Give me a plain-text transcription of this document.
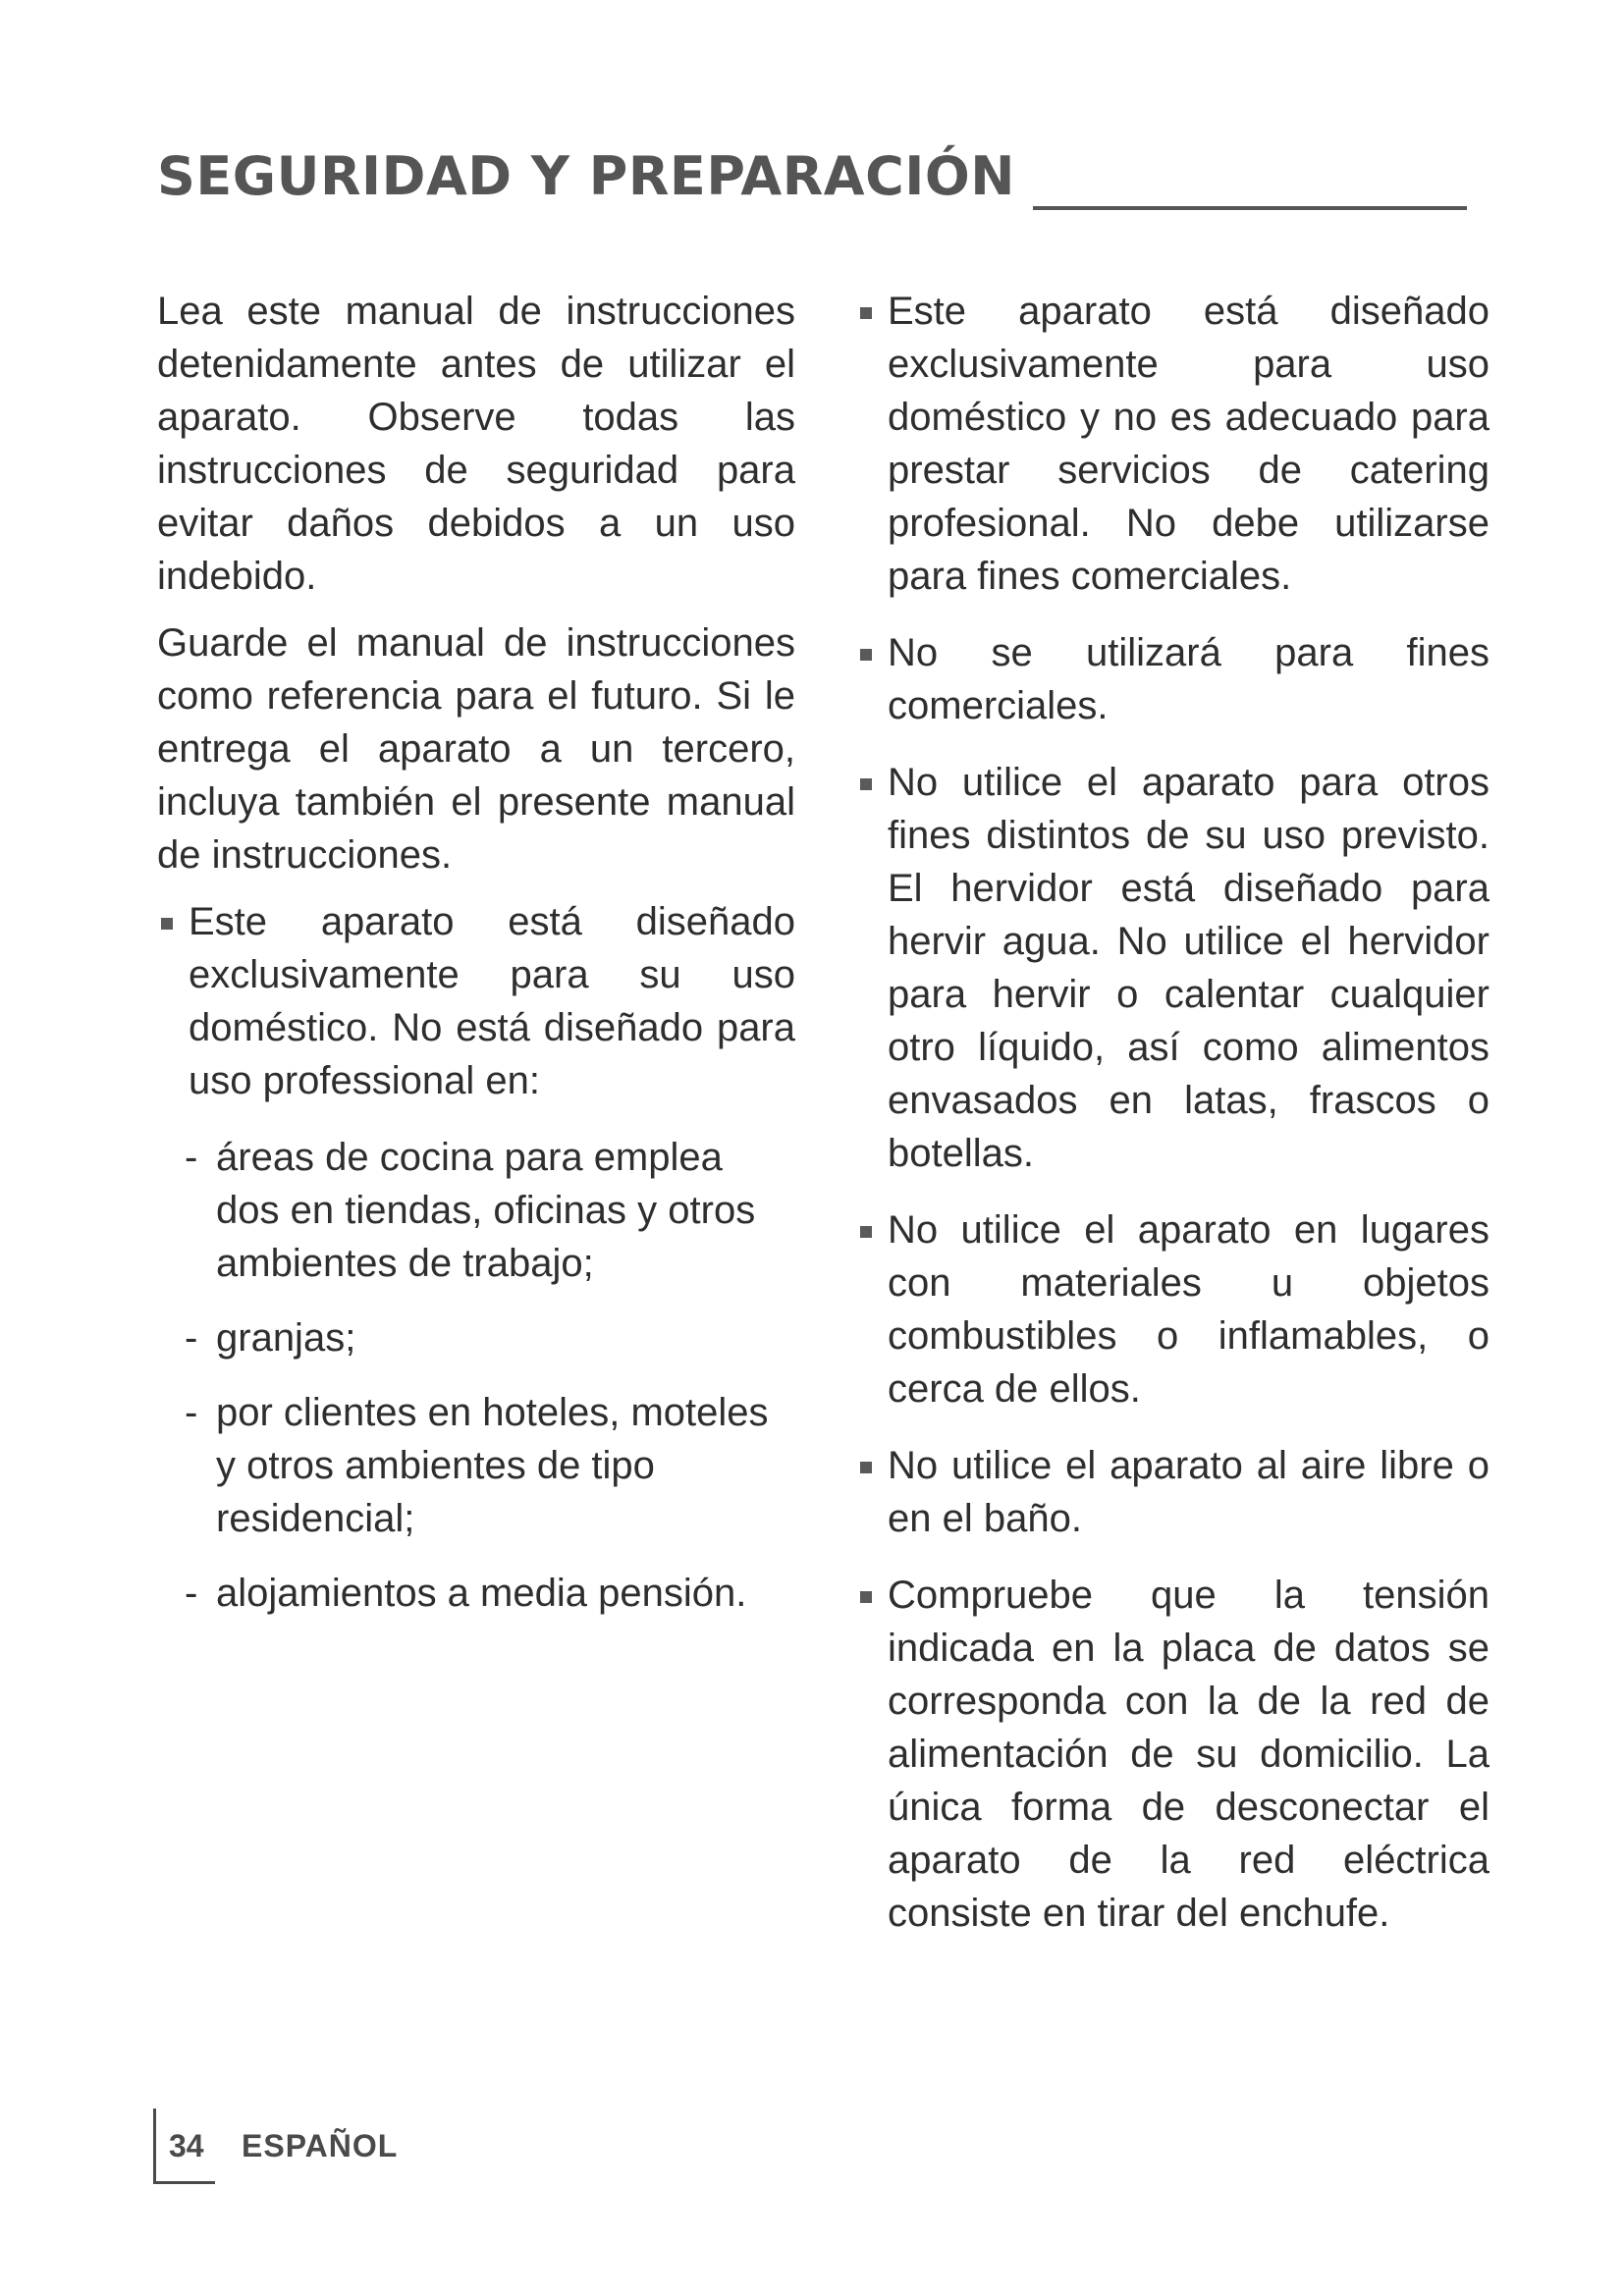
SEGURIDAD Y PREPARACIÓN

Lea este manual de instrucciones detenidamente antes de utilizar el aparato. Observe todas las instrucciones de seguridad para evitar daños debidos a un uso indebido.

Guarde el manual de instrucciones como referencia para el futuro. Si le entrega el aparato a un tercero, incluya también el presente manual de instrucciones.

Este aparato está diseñado exclusivamente para su uso doméstico. No está diseñado para uso professional en:
- áreas de cocina para emplea dos en tiendas, oficinas y otros ambientes de trabajo;
- granjas;
- por clientes en hoteles, moteles y otros ambientes de tipo residencial;
- alojamientos a media pensión.
Este aparato está diseñado exclusivamente para uso doméstico y no es adecuado para prestar servicios de catering profesional. No debe utilizarse para fines comerciales.
No se utilizará para fines comerciales.
No utilice el aparato para otros fines distintos de su uso previsto. El hervidor está diseñado para hervir agua. No utilice el hervidor para hervir o calentar cualquier otro líquido, así como alimentos envasados en latas, frascos o botellas.
No utilice el aparato en lugares con materiales u objetos combustibles o inflamables, o cerca de ellos.
No utilice el aparato al aire libre o en el baño.
Compruebe que la tensión indicada en la placa de datos se corresponda con la de la red de alimentación de su domicilio. La única forma de desconectar el aparato de la red eléctrica consiste en tirar del enchufe.
34 ESPAÑOL
